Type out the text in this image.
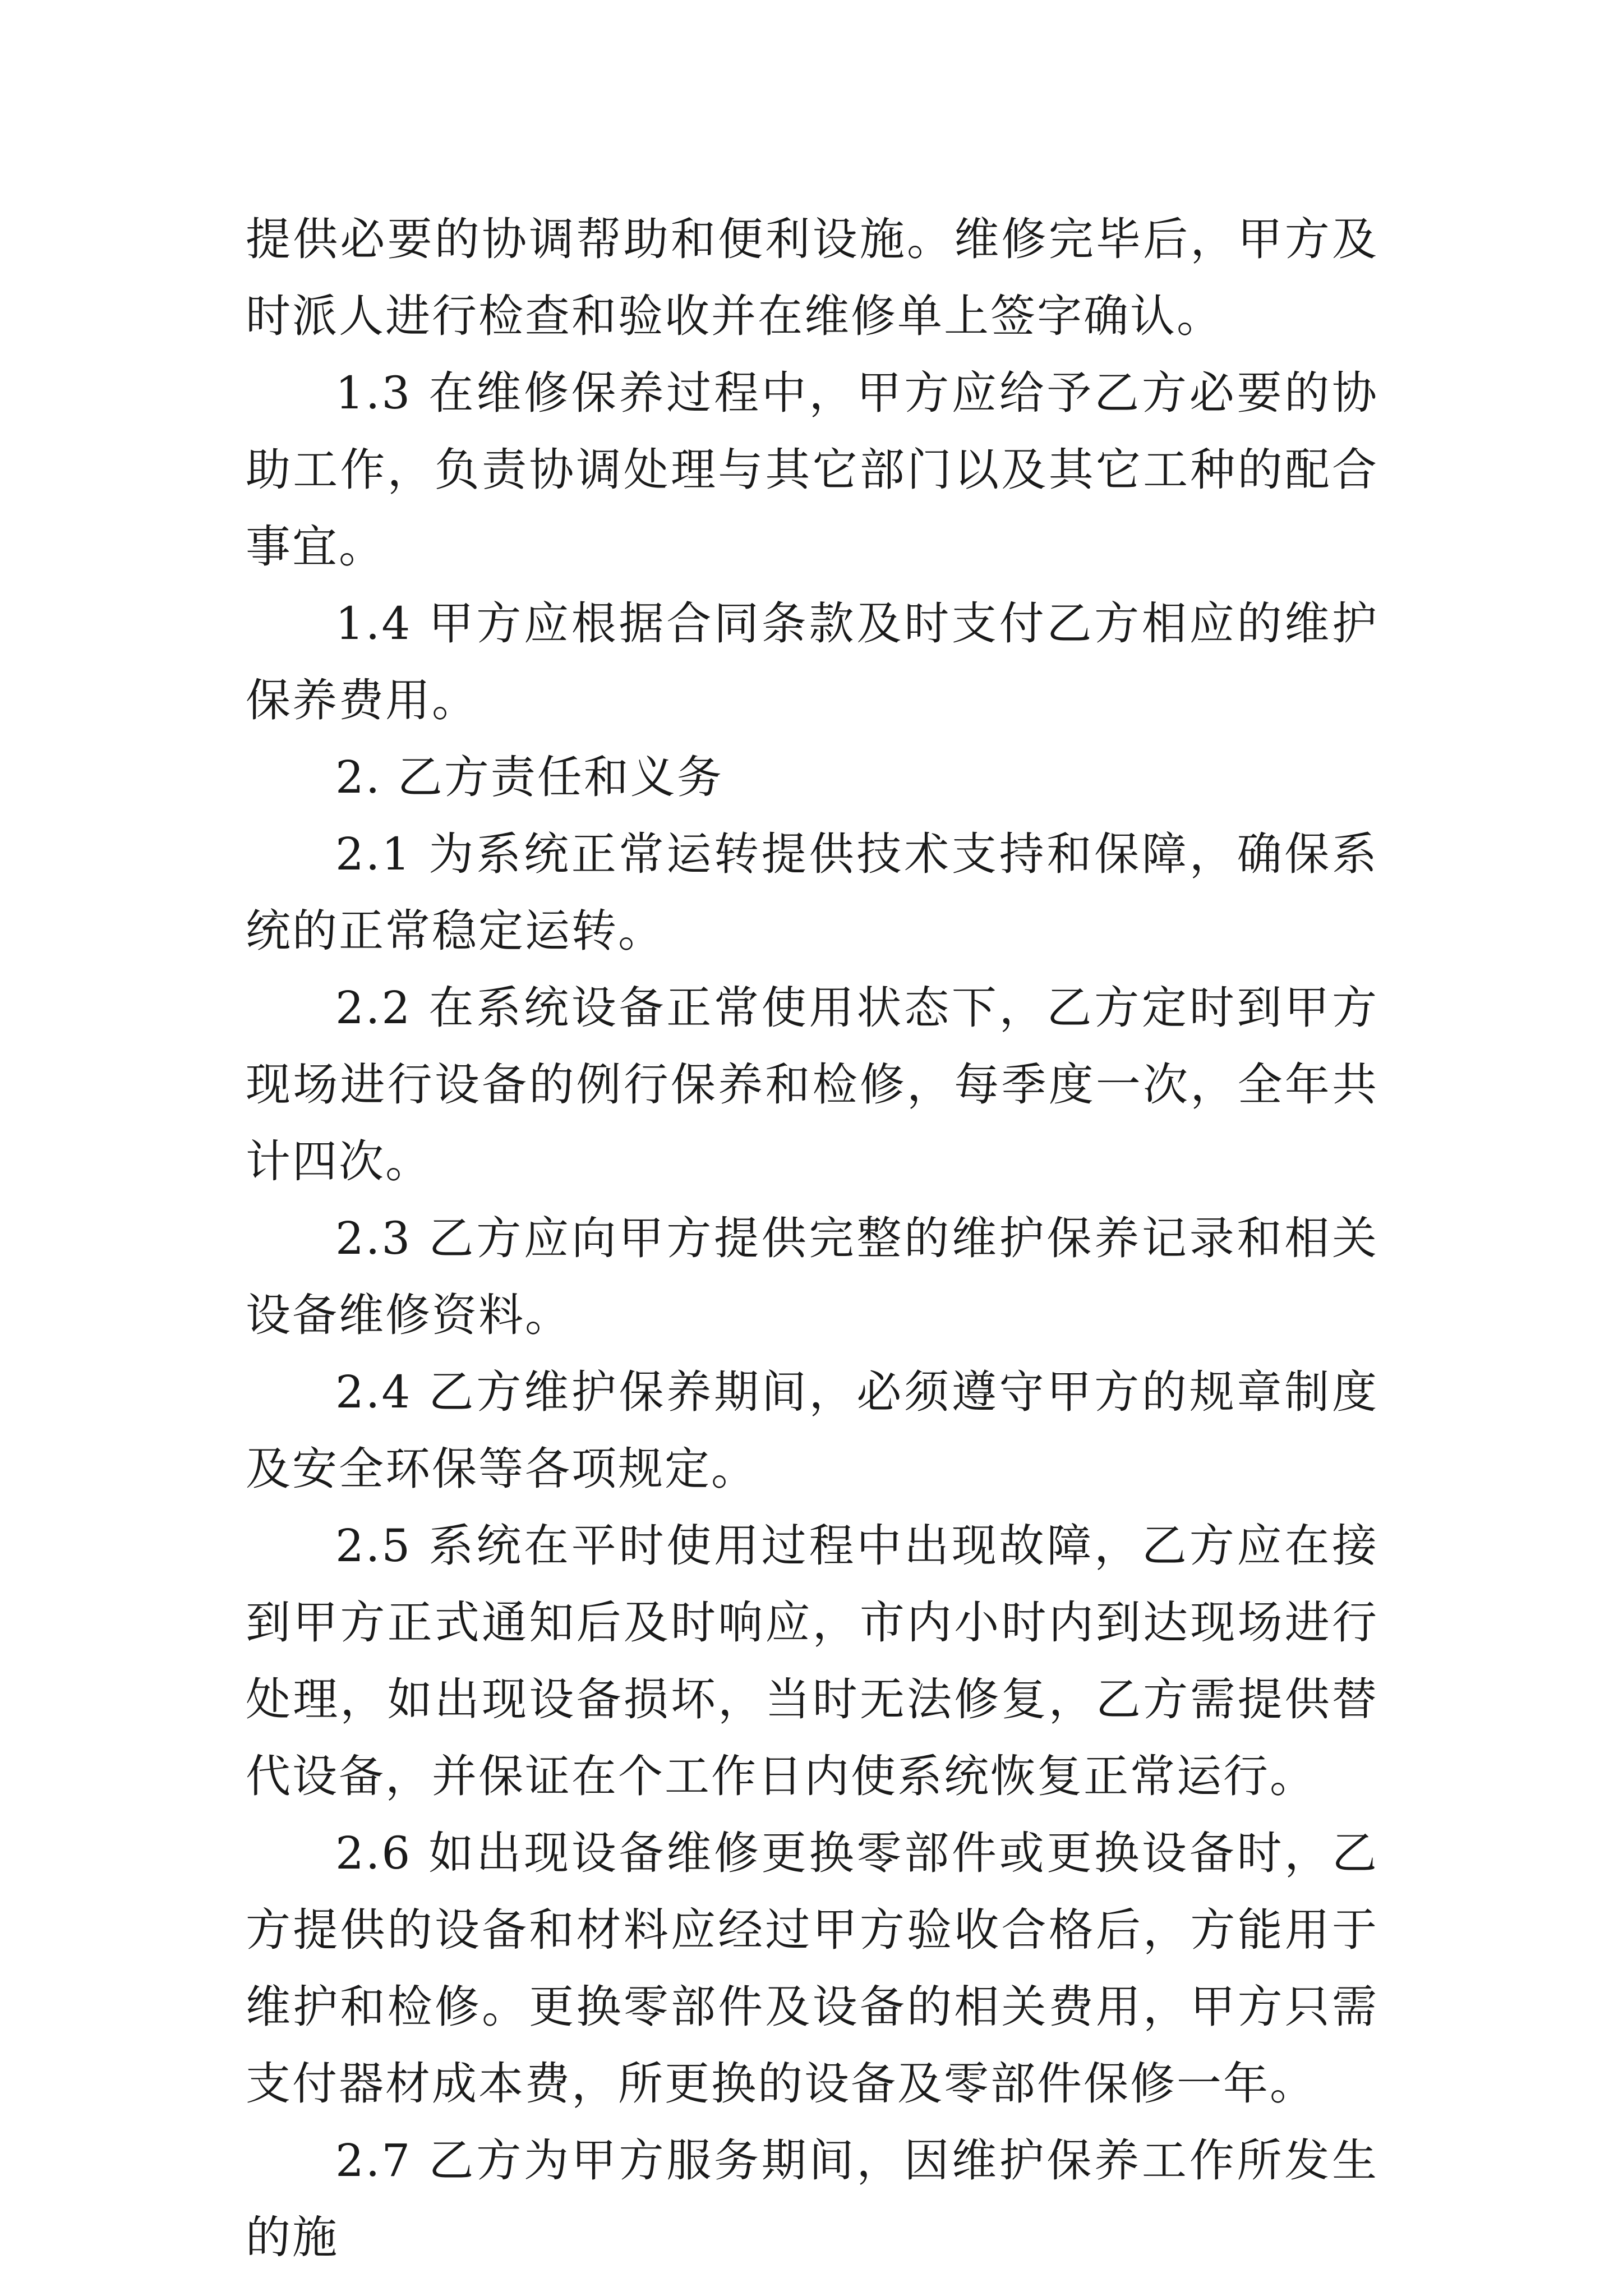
提供必要的协调帮助和便利设施。维修完毕后，甲方及时派人进行检查和验收并在维修单上签字确认。

1.3 在维修保养过程中，甲方应给予乙方必要的协助工作，负责协调处理与其它部门以及其它工种的配合事宜。

1.4 甲方应根据合同条款及时支付乙方相应的维护保养费用。

2. 乙方责任和义务

2.1 为系统正常运转提供技术支持和保障，确保系统的正常稳定运转。

2.2 在系统设备正常使用状态下，乙方定时到甲方现场进行设备的例行保养和检修，每季度一次，全年共计四次。

2.3 乙方应向甲方提供完整的维护保养记录和相关设备维修资料。

2.4 乙方维护保养期间，必须遵守甲方的规章制度及安全环保等各项规定。

2.5 系统在平时使用过程中出现故障，乙方应在接到甲方正式通知后及时响应，市内小时内到达现场进行处理，如出现设备损坏，当时无法修复，乙方需提供替代设备，并保证在个工作日内使系统恢复正常运行。

2.6 如出现设备维修更换零部件或更换设备时，乙方提供的设备和材料应经过甲方验收合格后，方能用于维护和检修。更换零部件及设备的相关费用，甲方只需支付器材成本费，所更换的设备及零部件保修一年。

2.7 乙方为甲方服务期间，因维护保养工作所发生的施
